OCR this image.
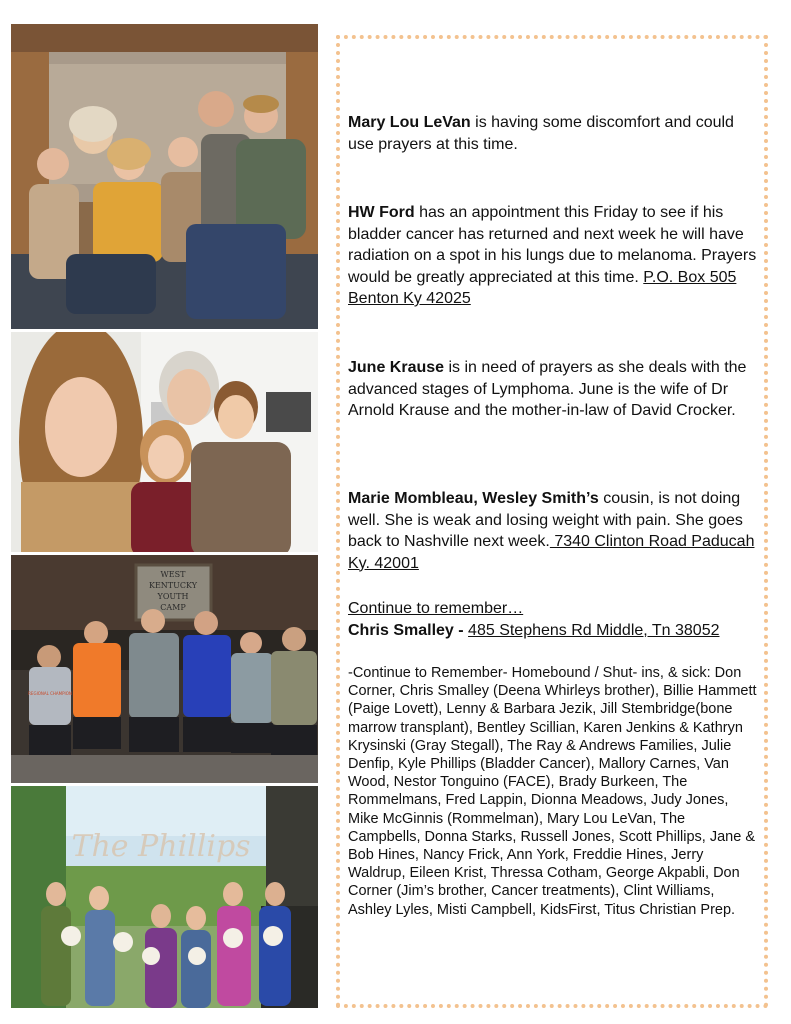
WEST
KENTUCKY
YOUTH
CAMP
REGIONAL CHAMPION
The Phillips

Mary Lou LeVan is having some discomfort and could use prayers at this time.

HW Ford has an appointment this Friday to see if his bladder cancer has returned and next week he will have radiation on a spot in his lungs due to melanoma. Prayers would be greatly appreciated at this time. P.O. Box 505 Benton Ky 42025

June Krause is in need of prayers as she deals with the advanced stages of Lymphoma. June is the wife of Dr Arnold Krause and the mother-in-law of David Crocker.

Marie Mombleau, Wesley Smith’s cousin, is not doing well. She is weak and losing weight with pain. She goes back to Nashville next week. 7340 Clinton Road Paducah Ky. 42001

Continue to remember…
Chris Smalley - 485 Stephens Rd Middle, Tn 38052

-Continue to Remember- Homebound / Shut- ins, & sick: Don Corner, Chris Smalley (Deena Whirleys brother), Billie Hammett (Paige Lovett), Lenny & Barbara Jezik, Jill Stembridge(bone marrow transplant), Bentley Scillian, Karen Jenkins & Kathryn Krysinski (Gray Stegall), The Ray & Andrews Families, Julie Denfip, Kyle Phillips (Bladder Cancer), Mallory Carnes, Van Wood, Nestor Tonguino (FACE), Brady Burkeen, The Rommelmans, Fred Lappin, Dionna Meadows, Judy Jones, Mike McGinnis (Rommelman), Mary Lou LeVan, The Campbells, Donna Starks, Russell Jones, Scott Phillips, Jane & Bob Hines, Nancy Frick, Ann York, Freddie Hines, Jerry Waldrup, Eileen Krist, Thressa Cotham, George Akpabli, Don Corner (Jim’s brother, Cancer treatments), Clint Williams, Ashley Lyles, Misti Campbell, KidsFirst, Titus Christian Prep.
